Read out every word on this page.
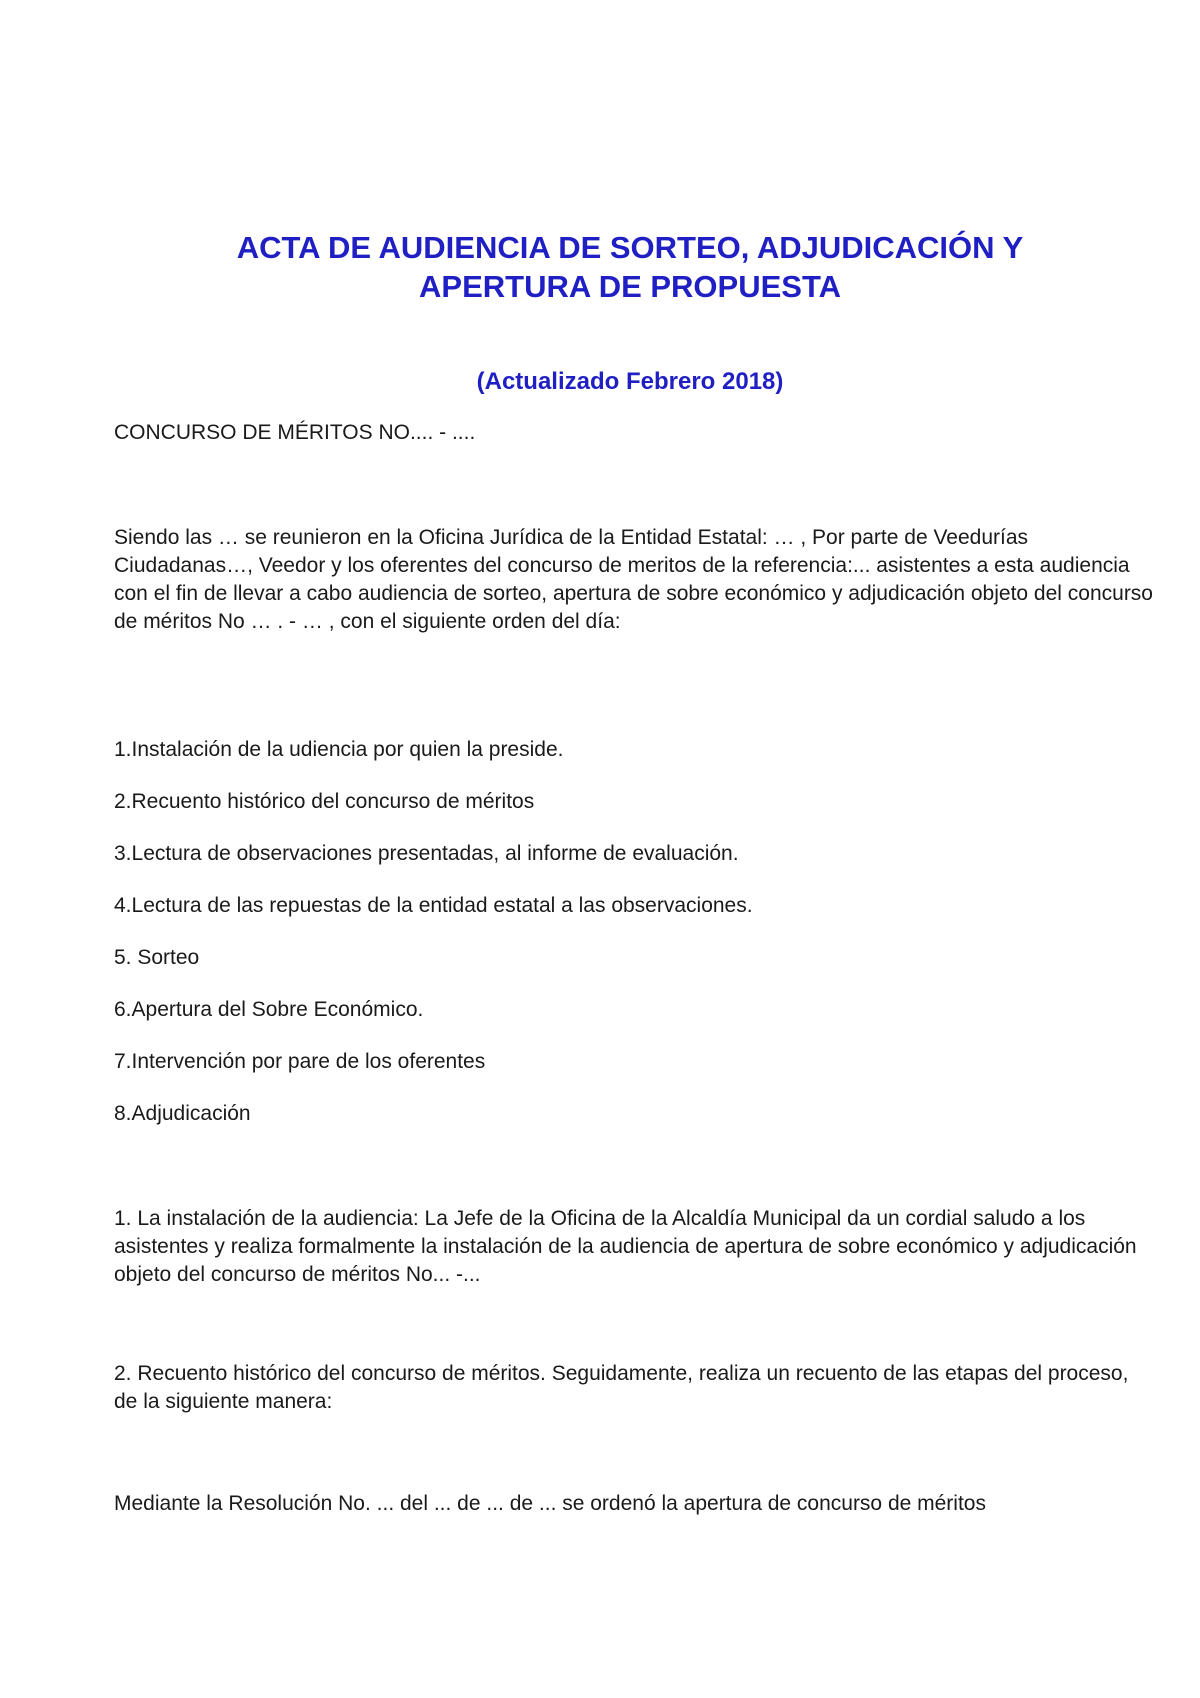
ACTA DE AUDIENCIA DE SORTEO, ADJUDICACIÓN Y
APERTURA DE PROPUESTA

(Actualizado Febrero 2018)

CONCURSO DE MÉRITOS NO.... - ....

Siendo las … se reunieron en la Oficina Jurídica de la Entidad Estatal: … , Por parte de Veedurías Ciudadanas…, Veedor y los oferentes del concurso de meritos de la referencia:... asistentes a esta audiencia con el fin de llevar a cabo audiencia de sorteo, apertura de sobre económico y adjudicación objeto del concurso de méritos No … . - … , con el siguiente orden del día:

1.Instalación de la udiencia por quien la preside.

2.Recuento histórico del concurso de méritos

3.Lectura de observaciones presentadas, al informe de evaluación.

4.Lectura de las repuestas de la entidad estatal a las observaciones.

5. Sorteo

6.Apertura del Sobre Económico.

7.Intervención por pare de los oferentes

8.Adjudicación

1. La instalación de la audiencia: La Jefe de la Oficina de la Alcaldía Municipal da un cordial saludo a los asistentes y realiza formalmente la instalación de la audiencia de apertura de sobre económico y adjudicación objeto del concurso de méritos No... -...

2. Recuento histórico del concurso de méritos. Seguidamente, realiza un recuento de las etapas del proceso, de la siguiente manera:

Mediante la Resolución No. ... del ... de ... de ... se ordenó la apertura de concurso de méritos
